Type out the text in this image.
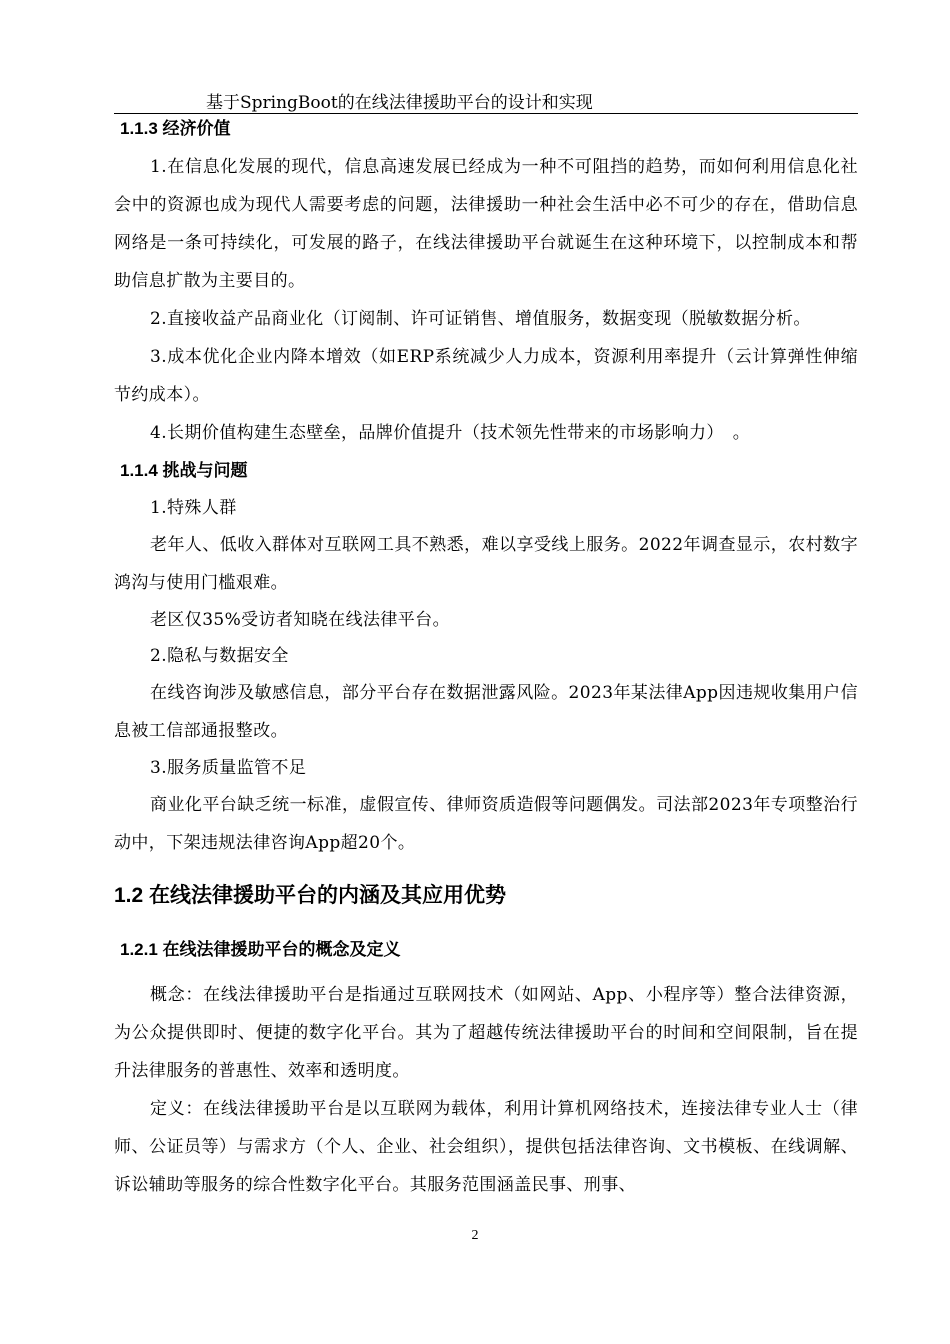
基于SpringBoot的在线法律援助平台的设计和实现
1.1.3 经济价值

1.在信息化发展的现代，信息高速发展已经成为一种不可阻挡的趋势，而如何利用信息化社会中的资源也成为现代人需要考虑的问题，法律援助一种社会生活中必不可少的存在，借助信息网络是一条可持续化，可发展的路子，在线法律援助平台就诞生在这种环境下，以控制成本和帮助信息扩散为主要目的。

2.直接收益产品商业化（订阅制、许可证销售、增值服务，数据变现（脱敏数据分析。

3.成本优化企业内降本增效（如ERP系统减少人力成本，资源利用率提升（云计算弹性伸缩节约成本）。

4.长期价值构建生态壁垒，品牌价值提升（技术领先性带来的市场影响力）　。

1.1.4 挑战与问题

1.特殊人群

老年人、低收入群体对互联网工具不熟悉，难以享受线上服务。2022年调查显示，农村数字鸿沟与使用门槛艰难。

老区仅35%受访者知晓在线法律平台。

2.隐私与数据安全

在线咨询涉及敏感信息，部分平台存在数据泄露风险。2023年某法律App因违规收集用户信息被工信部通报整改。

3.服务质量监管不足

商业化平台缺乏统一标准，虚假宣传、律师资质造假等问题偶发。司法部2023年专项整治行动中，下架违规法律咨询App超20个。

1.2 在线法律援助平台的内涵及其应用优势
1.2.1 在线法律援助平台的概念及定义

概念：在线法律援助平台是指通过互联网技术（如网站、App、小程序等）整合法律资源，为公众提供即时、便捷的数字化平台。其为了超越传统法律援助平台的时间和空间限制，旨在提升法律服务的普惠性、效率和透明度。

定义：在线法律援助平台是以互联网为载体，利用计算机网络技术，连接法律专业人士（律师、公证员等）与需求方（个人、企业、社会组织），提供包括法律咨询、文书模板、在线调解、诉讼辅助等服务的综合性数字化平台。其服务范围涵盖民事、刑事、

2
